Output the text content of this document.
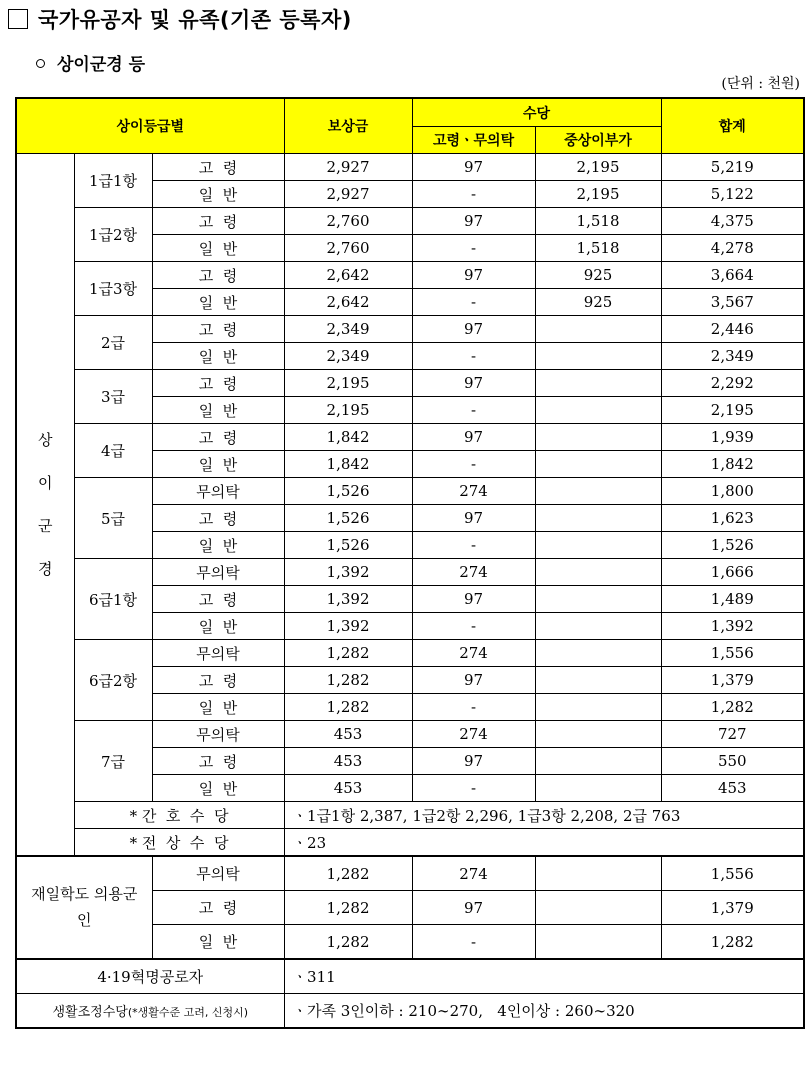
국가유공자 및 유족(기존 등록자)
상이군경 등
(단위 : 천원)
상이등급별			보상금	수당		합계
				고령ㆍ무의탁	중상이부가	

상
이
군
경	1급1항	고  령	2,927	97	2,195	5,219
		일  반	2,927	-	2,195	5,122
	1급2항	고  령	2,760	97	1,518	4,375
		일  반	2,760	-	1,518	4,278
	1급3항	고  령	2,642	97	925	3,664
		일  반	2,642	-	925	3,567
	2급	고  령	2,349	97		2,446
		일  반	2,349	-		2,349
	3급	고  령	2,195	97		2,292
		일  반	2,195	-		2,195
	4급	고  령	1,842	97		1,939
		일  반	1,842	-		1,842
	5급	무의탁	1,526	274		1,800
		고  령	1,526	97		1,623
		일  반	1,526	-		1,526
	6급1항	무의탁	1,392	274		1,666
		고  령	1,392	97		1,489
		일  반	1,392	-		1,392
	6급2항	무의탁	1,282	274		1,556
		고  령	1,282	97		1,379
		일  반	1,282	-		1,282
	7급	무의탁	453	274		727
		고  령	453	97		550
		일  반	453	-		453
	* 간  호  수  당		ㆍ1급1항 2,387, 1급2항 2,296, 1급3항 2,208, 2급 763			
	* 전  상  수  당		ㆍ23			
재일학도 의용군인		무의탁	1,282	274		1,556
		고  령	1,282	97		1,379
		일  반	1,282	-		1,282
4·19혁명공로자			ㆍ311			
생활조정수당(*생활수준 고려, 신청시)			ㆍ가족 3인이하 : 210∼270,   4인이상 : 260∼320			
